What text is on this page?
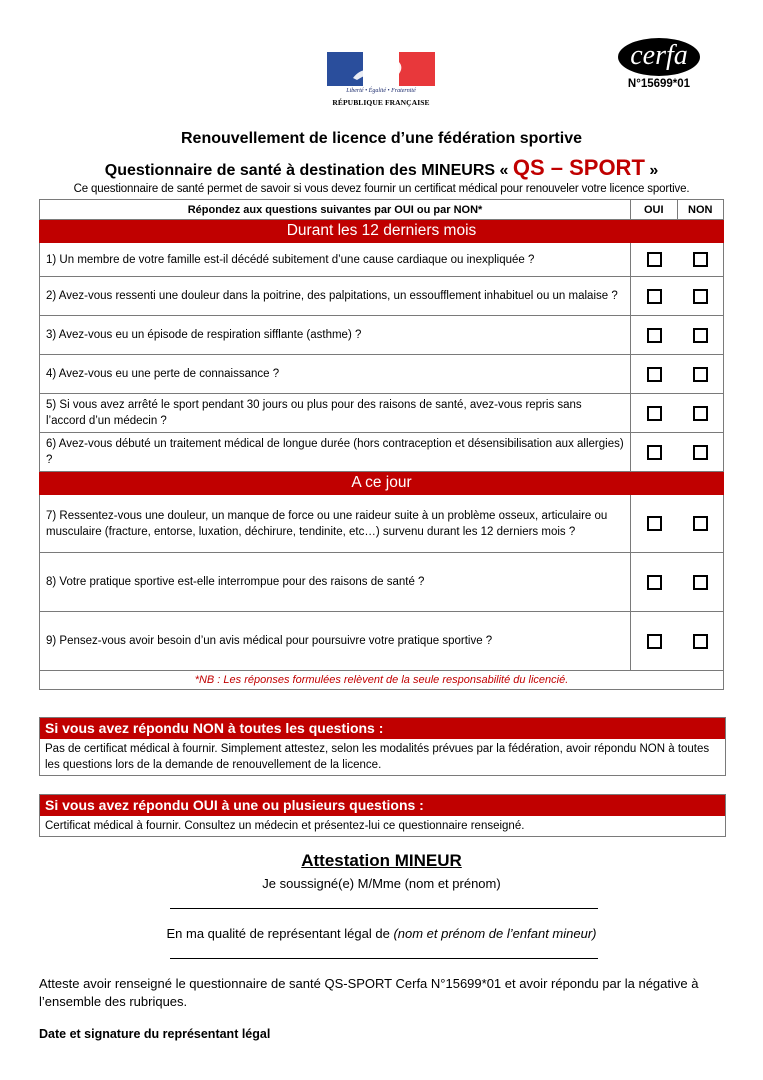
Liberté • Égalité • Fraternité
RÉPUBLIQUE FRANÇAISE
cerfa
N°15699*01
Renouvellement de licence d’une fédération sportive
Questionnaire de santé à destination des MINEURS « QS – SPORT »
Ce questionnaire de santé permet de savoir si vous devez fournir un certificat médical pour renouveler votre licence sportive.
Répondez aux questions suivantes par OUI ou par NON*	OUI	NON
Durant les 12 derniers mois		
1) Un membre de votre famille est-il décédé subitement d’une cause cardiaque ou inexpliquée ?		

2) Avez-vous ressenti une douleur dans la poitrine, des palpitations, un essoufflement inhabituel ou un malaise ?		

3) Avez-vous eu un épisode de respiration sifflante (asthme) ?		

4) Avez-vous eu une perte de connaissance ?		

5) Si vous avez arrêté le sport pendant 30 jours ou plus pour des raisons de santé, avez-vous repris sans l’accord d’un médecin ?		

6) Avez-vous débuté un traitement médical de longue durée (hors contraception et désensibilisation aux allergies) ?		

A ce jour		
7) Ressentez-vous une douleur, un manque de force ou une raideur suite à un problème osseux, articulaire ou musculaire (fracture, entorse, luxation, déchirure, tendinite, etc…) survenu durant les 12 derniers mois ?		

8) Votre pratique sportive est-elle interrompue pour des raisons de santé ?		

9) Pensez-vous avoir besoin d’un avis médical pour poursuivre votre pratique sportive ?		

*NB : Les réponses formulées relèvent de la seule responsabilité du licencié.		
Si vous avez répondu NON à toutes les questions :
Pas de certificat médical à fournir. Simplement attestez, selon les modalités prévues par la fédération, avoir répondu NON à toutes les questions lors de la demande de renouvellement de la licence.
Si vous avez répondu OUI à une ou plusieurs questions :
Certificat médical à fournir. Consultez un médecin et présentez-lui ce questionnaire renseigné.
Attestation MINEUR
Je soussigné(e) M/Mme (nom et prénom)
En ma qualité de représentant légal de (nom et prénom de l’enfant mineur)
Atteste avoir renseigné le questionnaire de santé QS-SPORT Cerfa N°15699*01 et avoir répondu par la négative à l’ensemble des rubriques.
Date et signature du représentant légal
